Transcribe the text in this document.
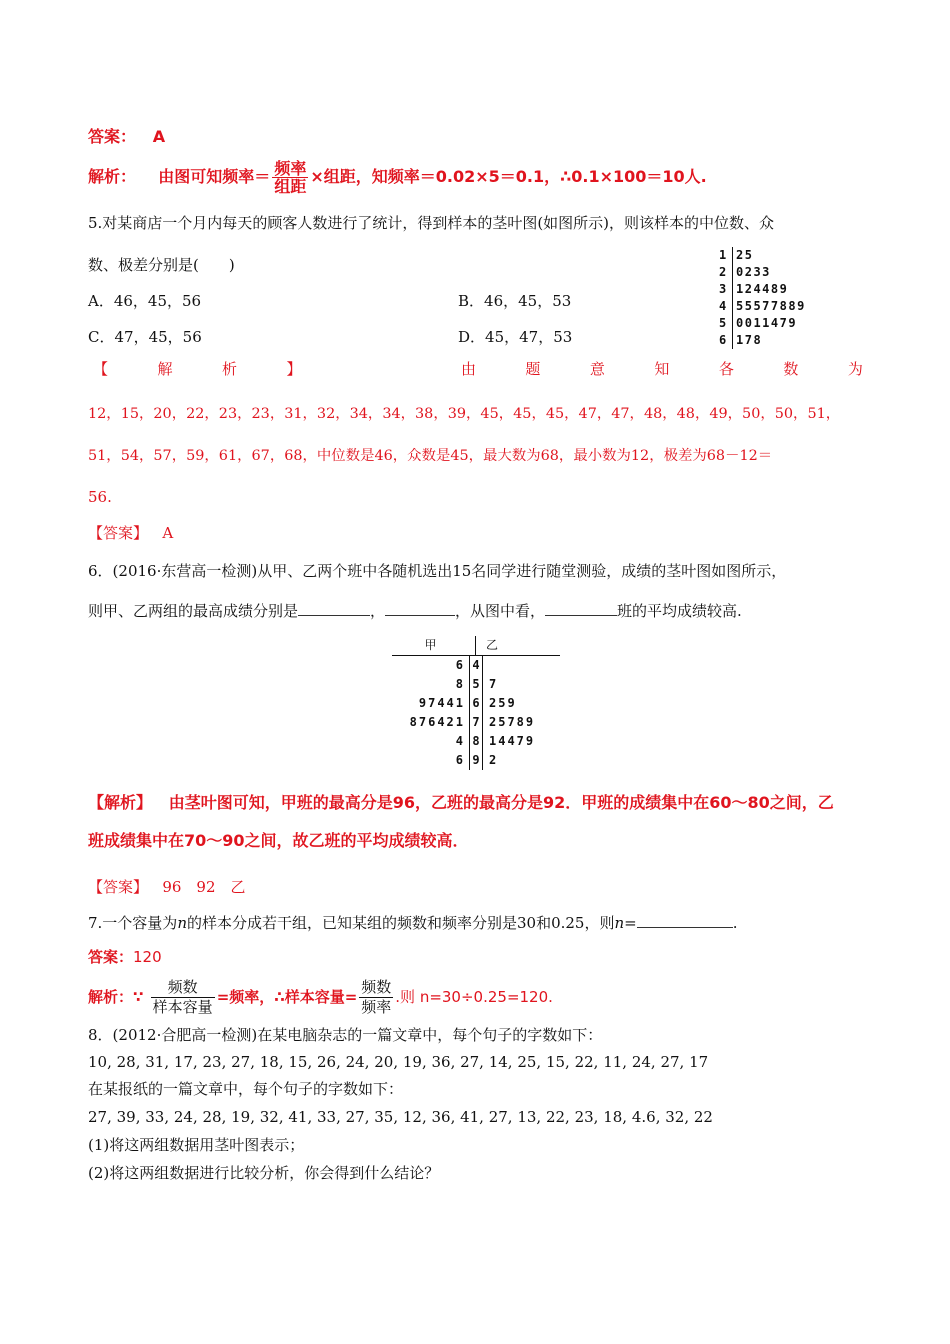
答案： A
解析： 由图可知频率＝ $\frac{\text{频率}}{\text{组距}}$ ×组距，知频率＝0.02×5＝0.1，∴0.1×100＝10人.
5.对某商店一个月内每天的顾客人数进行了统计，得到样本的茎叶图(如图所示)，则该样本的中位数、众
数、极差分别是(　　)
1 25
2 0233
3 124489
4 55577889
5 0011479
6 178
A．46，45，56	B．46，45，53
C．47，45，56	D．45，47，53
【	解	析	】	由	题	意	知	各	数	为
12，15，20，22，23，23，31，32，34，34，38，39，45，45，45，47，47，48，48，49，50，50，51，
51，54，57，59，61，67，68，中位数是46，众数是45，最大数为68，最小数为12，极差为68－12＝
56.
【答案】 A
6．(2016·东营高一检测)从甲、乙两个班中各随机选出15名同学进行随堂测验，成绩的茎叶图如图所示，
则甲、乙两组的最高成绩分别是	，	，从图中看，	班的平均成绩较高.
甲	乙
6 4
8 5 7
97441 6 259
876421 7 25789
4 8 14479
6 9 2
【解析】 由茎叶图可知，甲班的最高分是96，乙班的最高分是92．甲班的成绩集中在60～80之间，乙
班成绩集中在70～90之间，故乙班的平均成绩较高．
【答案】 96　92　乙
7.一个容量为n的样本分成若干组，已知某组的频数和频率分别是30和0.25，则n=	.
答案：120
解析：∵ $\frac{\text{频数}}{\text{样本容量}}$ =频率，∴样本容量= $\frac{\text{频数}}{\text{频率}}$ .则 n=30÷0.25=120.
8．(2012·合肥高一检测)在某电脑杂志的一篇文章中，每个句子的字数如下：
10, 28, 31, 17, 23, 27, 18, 15, 26, 24, 20, 19, 36, 27, 14, 25, 15, 22, 11, 24, 27, 17
在某报纸的一篇文章中，每个句子的字数如下：
27, 39, 33, 24, 28, 19, 32, 41, 33, 27, 35, 12, 36, 41, 27, 13, 22, 23, 18, 4.6, 32, 22
(1)将这两组数据用茎叶图表示；
(2)将这两组数据进行比较分析，你会得到什么结论？
